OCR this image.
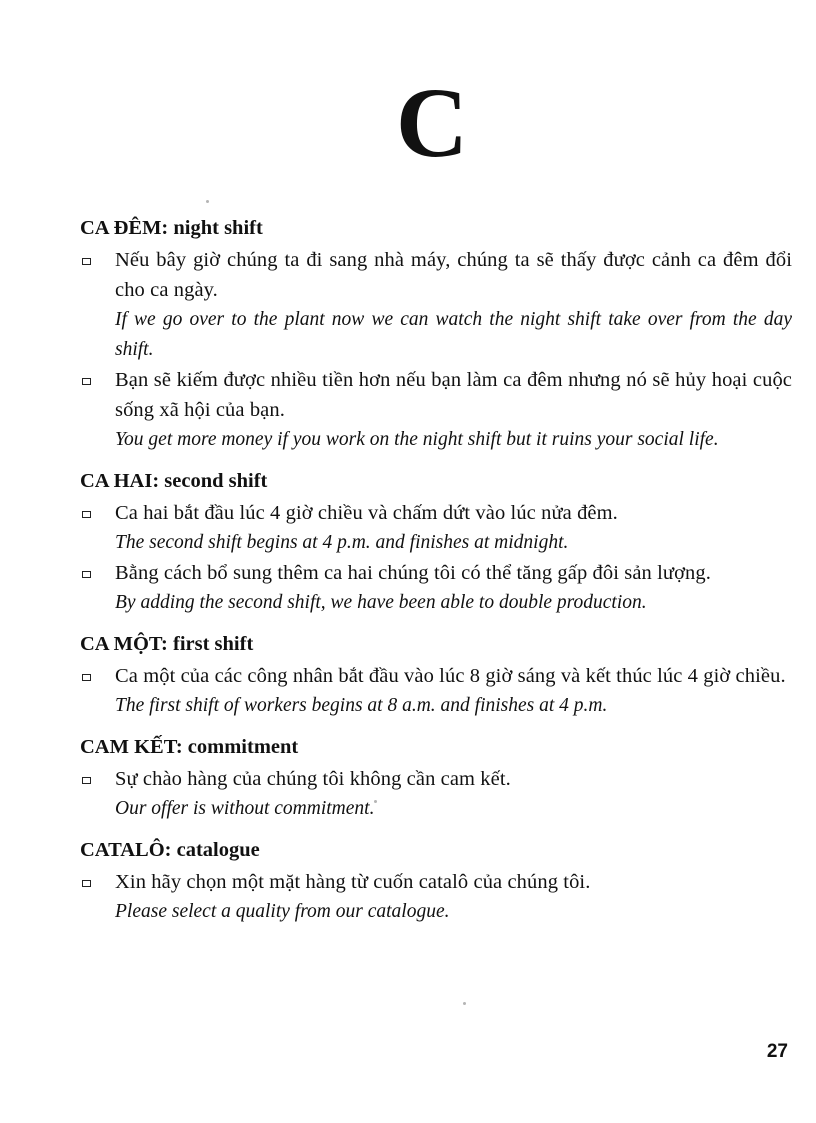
C
CA ĐÊM: night shift
Nếu bây giờ chúng ta đi sang nhà máy, chúng ta sẽ thấy được cảnh ca đêm đổi cho ca ngày.
If we go over to the plant now we can watch the night shift take over from the day shift.
Bạn sẽ kiếm được nhiều tiền hơn nếu bạn làm ca đêm nhưng nó sẽ hủy hoại cuộc sống xã hội của bạn.
You get more money if you work on the night shift but it ruins your social life.
CA HAI: second shift
Ca hai bắt đầu lúc 4 giờ chiều và chấm dứt vào lúc nửa đêm.
The second shift begins at 4 p.m. and finishes at midnight.
Bằng cách bổ sung thêm ca hai chúng tôi có thể tăng gấp đôi sản lượng.
By adding the second shift, we have been able to double production.
CA MỘT: first shift
Ca một của các công nhân bắt đầu vào lúc 8 giờ sáng và kết thúc lúc 4 giờ chiều.
The first shift of workers begins at 8 a.m. and finishes at 4 p.m.
CAM KẾT: commitment
Sự chào hàng của chúng tôi không cần cam kết.
Our offer is without commitment.
CATALÔ: catalogue
Xin hãy chọn một mặt hàng từ cuốn catalô của chúng tôi.
Please select a quality from our catalogue.
27
